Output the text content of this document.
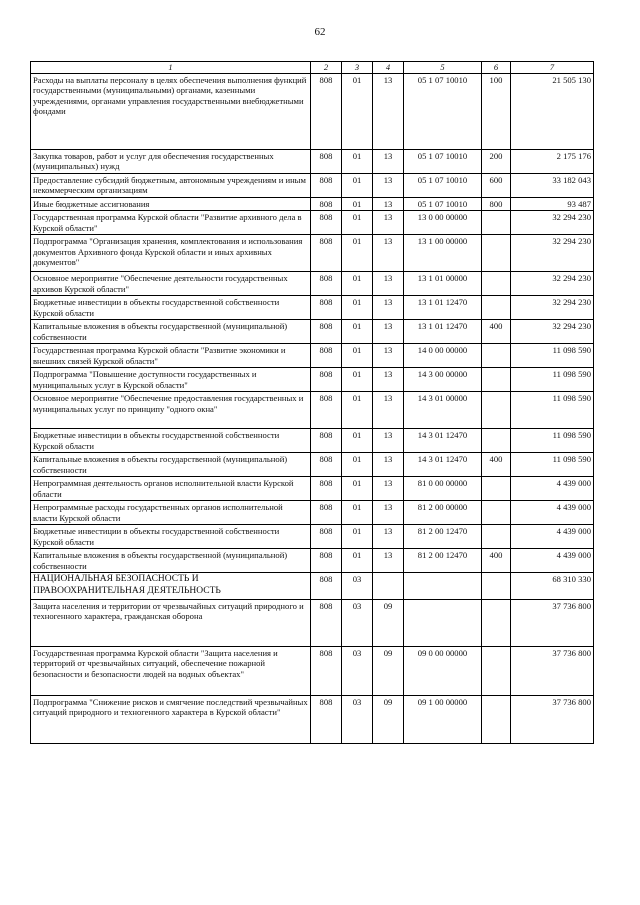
62
1	2	3	4	5	6	7
Расходы на выплаты персоналу в целях обеспечения выполнения функций государственными (муниципальными) органами, казенными учреждениями, органами управления государственными внебюджетными фондами	808	01	13	05 1 07 10010	100	21 505 130
Закупка товаров, работ и услуг для обеспечения государственных (муниципальных) нужд	808	01	13	05 1 07 10010	200	2 175 176
Предоставление субсидий бюджетным, автономным учреждениям и иным некоммерческим организациям	808	01	13	05 1 07 10010	600	33 182 043
Иные бюджетные ассигнования	808	01	13	05 1 07 10010	800	93 487
Государственная программа Курской области "Развитие архивного дела в Курской области"	808	01	13	13 0 00 00000		32 294 230
Подпрограмма "Организация хранения, комплектования и использования документов Архивного фонда Курской области и иных архивных документов"	808	01	13	13 1 00 00000		32 294 230
Основное мероприятие "Обеспечение деятельности государственных архивов Курской области"	808	01	13	13 1 01 00000		32 294 230
Бюджетные инвестиции в объекты государственной собственности Курской области	808	01	13	13 1 01 12470		32 294 230
Капитальные вложения в объекты государственной (муниципальной) собственности	808	01	13	13 1 01 12470	400	32 294 230
Государственная программа Курской области "Развитие экономики и внешних связей Курской области"	808	01	13	14 0 00 00000		11 098 590
Подпрограмма "Повышение доступности государственных и муниципальных услуг в Курской области"	808	01	13	14 3 00 00000		11 098 590
Основное мероприятие "Обеспечение предоставления государственных и муниципальных услуг по принципу "одного окна"	808	01	13	14 3 01 00000		11 098 590
Бюджетные инвестиции в объекты государственной собственности Курской области	808	01	13	14 3 01 12470		11 098 590
Капитальные вложения в объекты государственной (муниципальной) собственности	808	01	13	14 3 01 12470	400	11 098 590
Непрограммная деятельность органов исполнительной власти Курской области	808	01	13	81 0 00 00000		4 439 000
Непрограммные расходы государственных органов исполнительной власти Курской области	808	01	13	81 2 00 00000		4 439 000
Бюджетные инвестиции в объекты государственной собственности Курской области	808	01	13	81 2 00 12470		4 439 000
Капитальные вложения в объекты государственной (муниципальной) собственности	808	01	13	81 2 00 12470	400	4 439 000
НАЦИОНАЛЬНАЯ БЕЗОПАСНОСТЬ И ПРАВООХРАНИТЕЛЬНАЯ ДЕЯТЕЛЬНОСТЬ	808	03				68 310 330
Защита населения и территории от чрезвычайных ситуаций природного и техногенного характера, гражданская оборона	808	03	09			37 736 800
Государственная программа Курской области "Защита населения и территорий от чрезвычайных ситуаций, обеспечение пожарной безопасности и безопасности людей на водных объектах"	808	03	09	09 0 00 00000		37 736 800
Подпрограмма "Снижение рисков и смягчение последствий чрезвычайных ситуаций природного и техногенного характера в Курской области"	808	03	09	09 1 00 00000		37 736 800
